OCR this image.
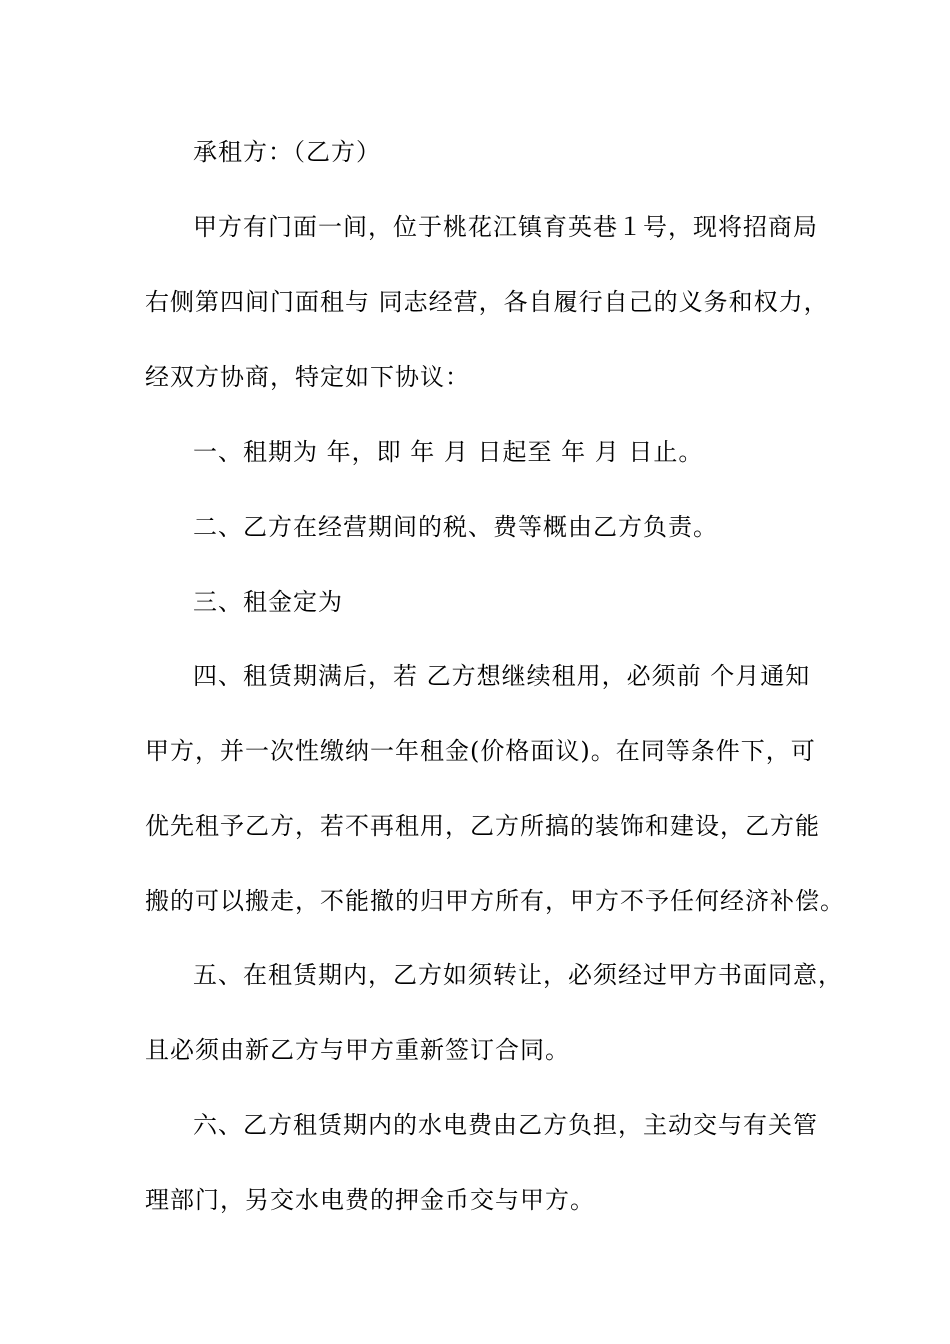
承租方：（乙方）
甲方有门面一间，位于桃花江镇育英巷１号，现将招商局
右侧第四间门面租与 同志经营，各自履行自己的义务和权力，
经双方协商，特定如下协议：
一、租期为 年，即 年 月 日起至 年 月 日止。
二、乙方在经营期间的税、费等概由乙方负责。
三、租金定为
四、租赁期满后，若 乙方想继续租用，必须前 个月通知
甲方，并一次性缴纳一年租金(价格面议)。在同等条件下，可
优先租予乙方，若不再租用，乙方所搞的装饰和建设，乙方能
搬的可以搬走，不能撤的归甲方所有，甲方不予任何经济补偿。
五、在租赁期内，乙方如须转让，必须经过甲方书面同意，
且必须由新乙方与甲方重新签订合同。
六、乙方租赁期内的水电费由乙方负担，主动交与有关管
理部门，另交水电费的押金币交与甲方。
